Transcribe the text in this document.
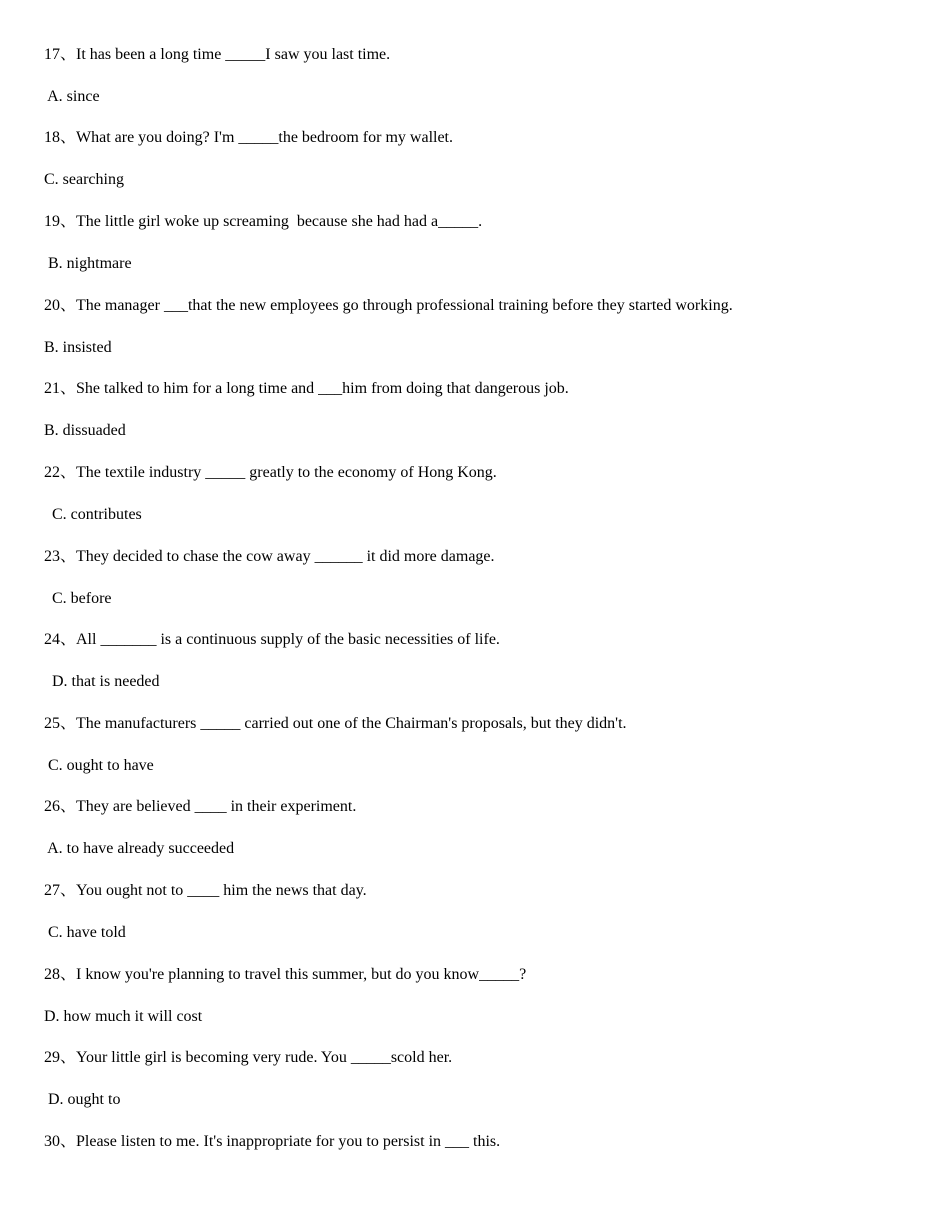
17、It has been a long time _____I saw you last time.
A. since
18、What are you doing? I'm _____the bedroom for my wallet.
C. searching
19、The little girl woke up screaming  because she had had a_____.
B. nightmare
20、The manager ___that the new employees go through professional training before they started working.
B. insisted
21、She talked to him for a long time and ___him from doing that dangerous job.
B. dissuaded
22、The textile industry _____ greatly to the economy of Hong Kong.
C. contributes
23、They decided to chase the cow away ______ it did more damage.
C. before
24、All _______ is a continuous supply of the basic necessities of life.
D. that is needed
25、The manufacturers _____ carried out one of the Chairman's proposals, but they didn't.
C. ought to have
26、They are believed ____ in their experiment.
A. to have already succeeded
27、You ought not to ____ him the news that day.
C. have told
28、I know you're planning to travel this summer, but do you know_____?
D. how much it will cost
29、Your little girl is becoming very rude. You _____scold her.
D. ought to
30、Please listen to me. It's inappropriate for you to persist in ___ this.
